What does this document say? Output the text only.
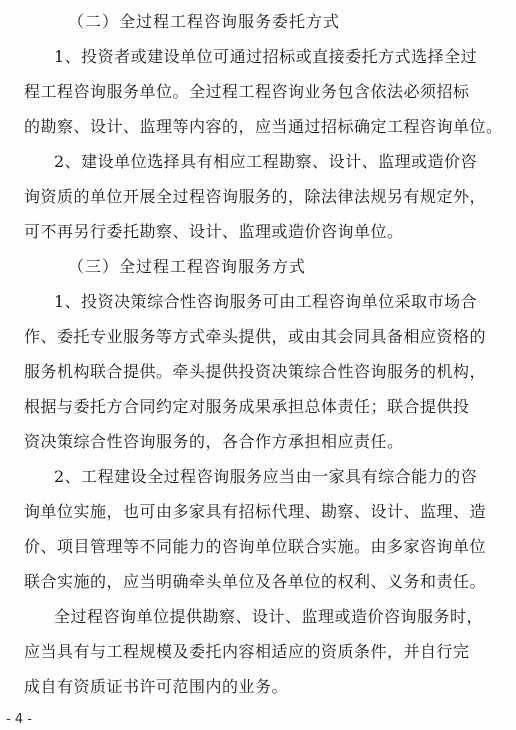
（二）全过程工程咨询服务委托方式

1、投资者或建设单位可通过招标或直接委托方式选择全过
程工程咨询服务单位。全过程工程咨询业务包含依法必须招标
的勘察、设计、监理等内容的，应当通过招标确定工程咨询单位。

2、建设单位选择具有相应工程勘察、设计、监理或造价咨
询资质的单位开展全过程咨询服务的，除法律法规另有规定外，
可不再另行委托勘察、设计、监理或造价咨询单位。

（三）全过程工程咨询服务方式

1、投资决策综合性咨询服务可由工程咨询单位采取市场合
作、委托专业服务等方式牵头提供，或由其会同具备相应资格的
服务机构联合提供。牵头提供投资决策综合性咨询服务的机构，
根据与委托方合同约定对服务成果承担总体责任；联合提供投
资决策综合性咨询服务的，各合作方承担相应责任。

2、工程建设全过程咨询服务应当由一家具有综合能力的咨
询单位实施，也可由多家具有招标代理、勘察、设计、监理、造
价、项目管理等不同能力的咨询单位联合实施。由多家咨询单位
联合实施的，应当明确牵头单位及各单位的权利、义务和责任。

全过程咨询单位提供勘察、设计、监理或造价咨询服务时，
应当具有与工程规模及委托内容相适应的资质条件，并自行完
成自有资质证书许可范围内的业务。

- 4 -
